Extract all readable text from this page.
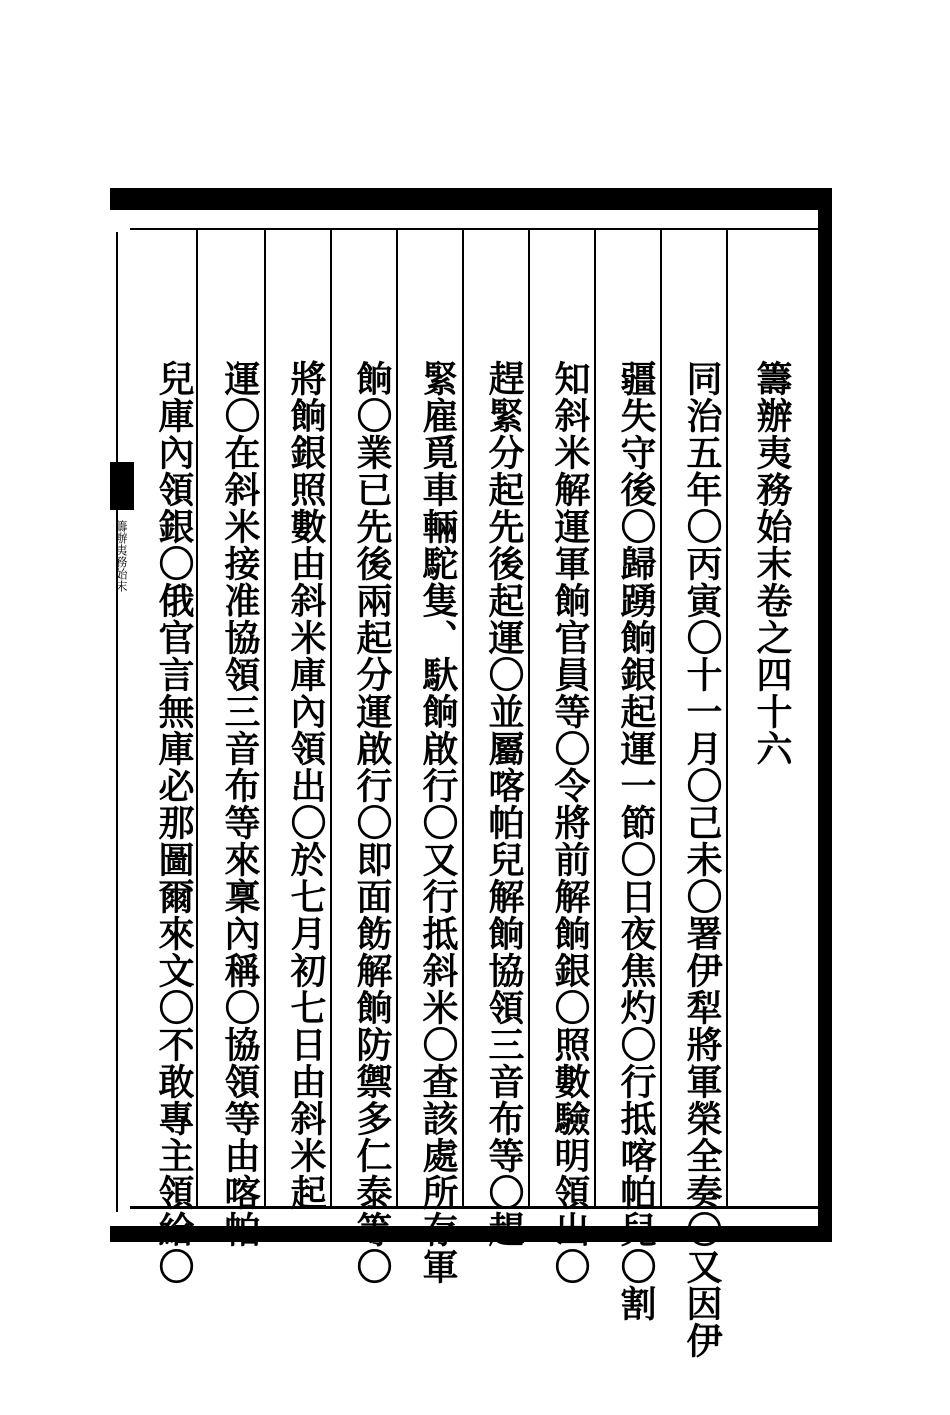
籌辦夷務始末卷之四十六
同治五年〇丙寅〇十一月〇己未〇署伊犁將軍榮全奏〇又因伊
疆失守後〇歸踴餉銀起運一節〇日夜焦灼〇行抵喀帕兒〇割
知斜米解運軍餉官員等〇令將前解餉銀〇照數驗明領出〇
趕緊分起先後起運〇並屬喀帕兒解餉協領三音布等〇趕
緊雇覓車輛駝隻、馱餉啟行〇又行抵斜米〇查該處所存軍
餉〇業已先後兩起分運啟行〇即面飭解餉防禦多仁泰等〇
將餉銀照數由斜米庫內領出〇於七月初七日由斜米起
運〇在斜米接准協領三音布等來稟內稱〇協領等由喀帕
兒庫內領銀〇俄官言無庫必那圖爾來文〇不敢專主領給〇
籌辦夷務始末
